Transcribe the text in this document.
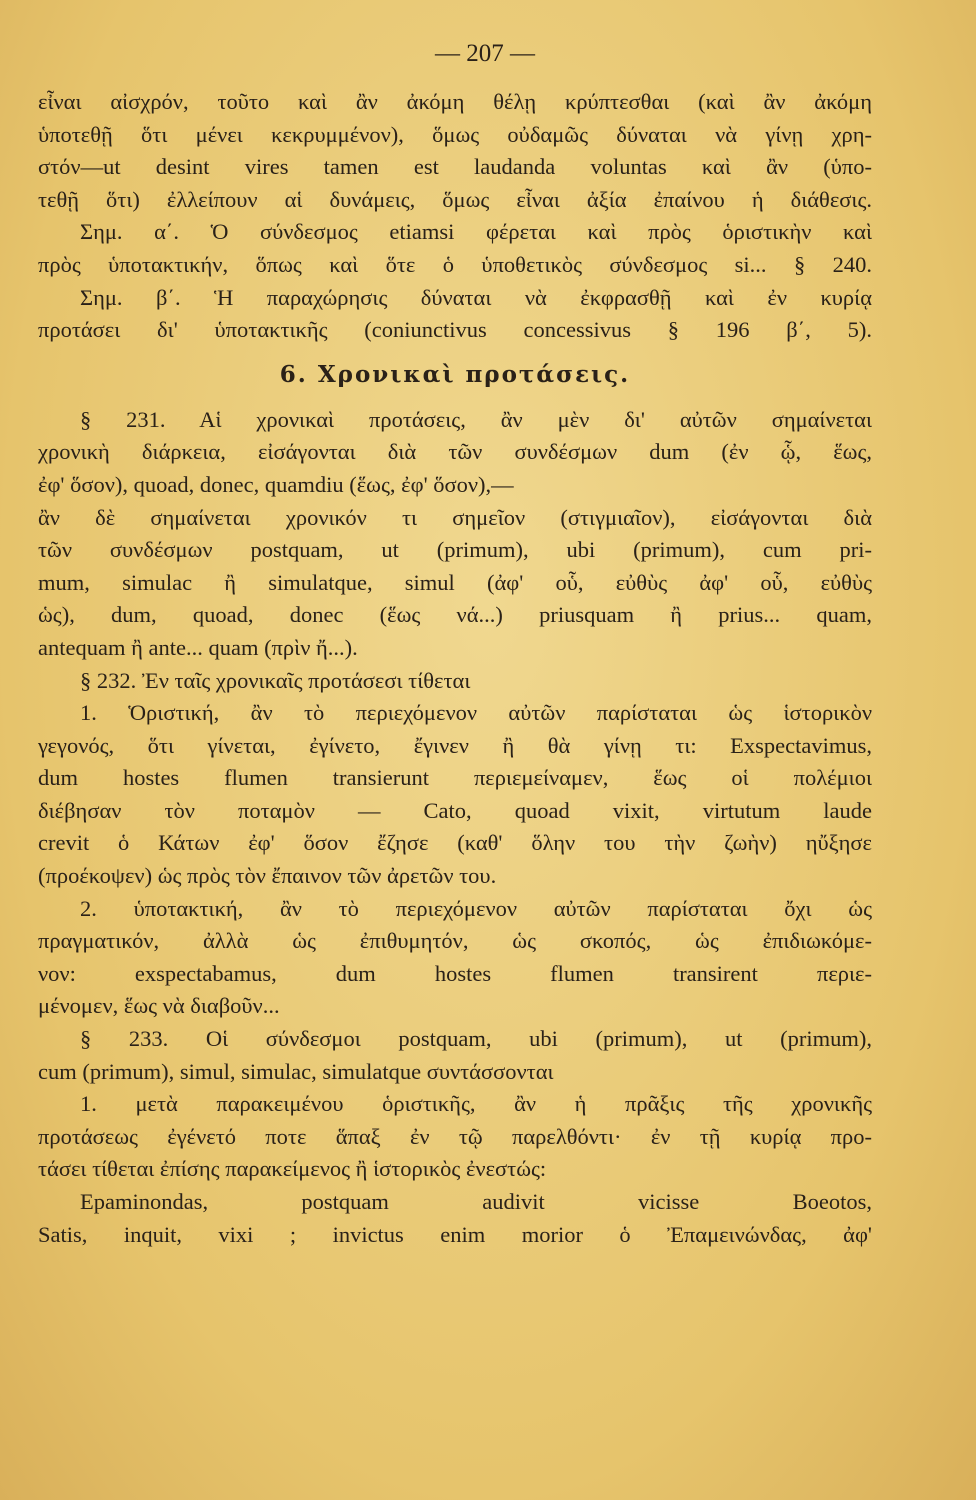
— 207 —
εἶναι αἰσχρόν, τοῦτο καὶ ἂν ἀκόμη θέλῃ κρύπτεσθαι (καὶ ἂν ἀκόμη
ὑποτεθῇ ὅτι μένει κεκρυμμένον), ὅμως οὐδαμῶς δύναται νὰ γίνῃ χρη-
στόν—ut desint vires tamen est laudanda voluntas καὶ ἂν (ὑπο-
τεθῇ ὅτι) ἐλλείπουν αἱ δυνάμεις, ὅμως εἶναι ἀξία ἐπαίνου ἡ διάθεσις.
Σημ. α΄. Ὁ σύνδεσμος etiamsi φέρεται καὶ πρὸς ὁριστικὴν καὶ
πρὸς ὑποτακτικήν, ὅπως καὶ ὅτε ὁ ὑποθετικὸς σύνδεσμος si... § 240.
Σημ. β΄. Ἡ παραχώρησις δύναται νὰ ἐκφρασθῇ καὶ ἐν κυρίᾳ
προτάσει δι' ὑποτακτικῆς (coniunctivus concessivus § 196 β΄, 5).
6. Χρονικαὶ προτάσεις.
§ 231. Αἱ χρονικαὶ προτάσεις, ἂν μὲν δι' αὐτῶν σημαίνεται
χρονικὴ διάρκεια, εἰσάγονται διὰ τῶν συνδέσμων dum (ἐν ᾧ, ἕως,
ἐφ' ὅσον), quoad, donec, quamdiu (ἕως, ἐφ' ὅσον),—
ἂν δὲ σημαίνεται χρονικόν τι σημεῖον (στιγμιαῖον), εἰσάγονται διὰ
τῶν συνδέσμων postquam, ut (primum), ubi (primum), cum pri-
mum, simulac ἢ simulatque, simul (ἀφ' οὗ, εὐθὺς ἀφ' οὗ, εὐθὺς
ὡς), dum, quoad, donec (ἕως νά...) priusquam ἢ prius... quam,
antequam ἢ ante... quam (πρὶν ἤ...).
§ 232. Ἐν ταῖς χρονικαῖς προτάσεσι τίθεται
1. Ὁριστική, ἂν τὸ περιεχόμενον αὐτῶν παρίσταται ὡς ἱστορικὸν
γεγονός, ὅτι γίνεται, ἐγίνετο, ἔγινεν ἢ θὰ γίνῃ τι: Exspectavimus,
dum hostes flumen transierunt περιεμείναμεν, ἕως οἱ πολέμιοι
διέβησαν τὸν ποταμὸν — Cato, quoad vixit, virtutum laude
crevit ὁ Κάτων ἐφ' ὅσον ἔζησε (καθ' ὅλην του τὴν ζωὴν) ηὔξησε
(προέκοψεν) ὡς πρὸς τὸν ἔπαινον τῶν ἀρετῶν του.
2. ὑποτακτική, ἂν τὸ περιεχόμενον αὐτῶν παρίσταται ὄχι ὡς
πραγματικόν, ἀλλὰ ὡς ἐπιθυμητόν, ὡς σκοπός, ὡς ἐπιδιωκόμε-
νον: exspectabamus, dum hostes flumen transirent περιε-
μένομεν, ἕως νὰ διαβοῦν...
§ 233. Οἱ σύνδεσμοι postquam, ubi (primum), ut (primum),
cum (primum), simul, simulac, simulatque συντάσσονται
1. μετὰ παρακειμένου ὁριστικῆς, ἂν ἡ πρᾶξις τῆς χρονικῆς
προτάσεως ἐγένετό ποτε ἅπαξ ἐν τῷ παρελθόντι· ἐν τῇ κυρίᾳ προ-
τάσει τίθεται ἐπίσης παρακείμενος ἢ ἱστορικὸς ἐνεστώς:
Epaminondas, postquam audivit vicisse Boeotos,
Satis, inquit, vixi ; invictus enim morior ὁ Ἐπαμεινώνδας, ἀφ'
